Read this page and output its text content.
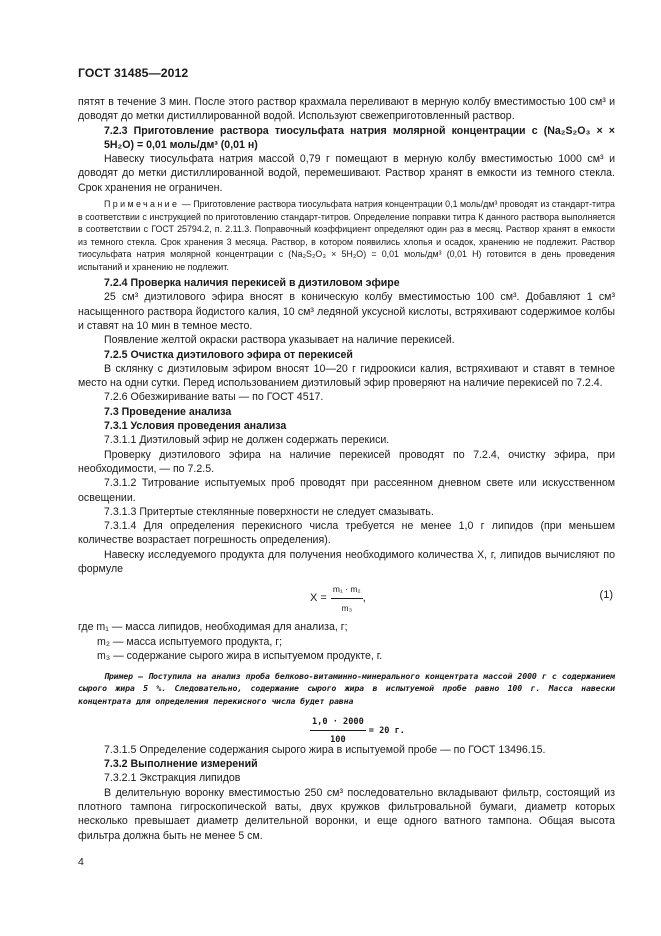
ГОСТ 31485—2012

пятят в течение 3 мин. После этого раствор крахмала переливают в мерную колбу вместимостью 100 см³ и доводят до метки дистиллированной водой. Используют свежеприготовленный раствор.

7.2.3 Приготовление раствора тиосульфата натрия молярной концентрации c (Na₂S₂O₃ × × 5H₂O) = 0,01 моль/дм³ (0,01 н)

Навеску тиосульфата натрия массой 0,79 г помещают в мерную колбу вместимостью 1000 см³ и доводят до метки дистиллированной водой, перемешивают. Раствор хранят в емкости из темного стекла. Срок хранения не ограничен.

Примечание — Приготовление раствора тиосульфата натрия концентрации 0,1 моль/дм³ проводят из стандарт-титра в соответствии с инструкцией по приготовлению стандарт-титров. Определение поправки титра К данного раствора выполняется в соответствии с ГОСТ 25794.2, п. 2.11.3. Поправочный коэффициент определяют один раз в месяц. Раствор хранят в емкости из темного стекла. Срок хранения 3 месяца. Раствор, в котором появились хлопья и осадок, хранению не подлежит. Раствор тиосульфата натрия молярной концентрации c (Na₂S₂O₃ × 5H₂O) = 0,01 моль/дм³ (0,01 Н) готовится в день проведения испытаний и хранению не подлежит.

7.2.4 Проверка наличия перекисей в диэтиловом эфире

25 см³ диэтилового эфира вносят в коническую колбу вместимостью 100 см³. Добавляют 1 см³ насыщенного раствора йодистого калия, 10 см³ ледяной уксусной кислоты, встряхивают содержимое колбы и ставят на 10 мин в темное место.

Появление желтой окраски раствора указывает на наличие перекисей.

7.2.5 Очистка диэтилового эфира от перекисей

В склянку с диэтиловым эфиром вносят 10—20 г гидроокиси калия, встряхивают и ставят в темное место на одни сутки. Перед использованием диэтиловый эфир проверяют на наличие перекисей по 7.2.4.

7.2.6 Обезжиривание ваты — по ГОСТ 4517.

7.3 Проведение анализа

7.3.1 Условия проведения анализа

7.3.1.1 Диэтиловый эфир не должен содержать перекиси.

Проверку диэтилового эфира на наличие перекисей проводят по 7.2.4, очистку эфира, при необходимости, — по 7.2.5.

7.3.1.2 Титрование испытуемых проб проводят при рассеянном дневном свете или искусственном освещении.

7.3.1.3 Притертые стеклянные поверхности не следует смазывать.

7.3.1.4 Для определения перекисного числа требуется не менее 1,0 г липидов (при меньшем количестве возрастает погрешность определения).

Навеску исследуемого продукта для получения необходимого количества X, г, липидов вычисляют по формуле

$X = \frac{\text{m₁ · m₂}}{\text{m₃}}$ ,	(1)

где m₁ — масса липидов, необходимая для анализа, г;

m₂ — масса испытуемого продукта, г;

m₃ — содержание сырого жира в испытуемом продукте, г.

Пример — Поступила на анализ проба белково-витаминно-минерального концентрата массой 2000 г с содержанием сырого жира 5 %. Следовательно, содержание сырого жира в испытуемой пробе равно 100 г. Масса навески концентрата для определения перекисного числа будет равна

$\frac{1,0 \cdot 2000}{100} = 20$ г.

7.3.1.5 Определение содержания сырого жира в испытуемой пробе — по ГОСТ 13496.15.

7.3.2 Выполнение измерений

7.3.2.1 Экстракция липидов

В делительную воронку вместимостью 250 см³ последовательно вкладывают фильтр, состоящий из плотного тампона гигроскопической ваты, двух кружков фильтровальной бумаги, диаметр которых несколько превышает диаметр делительной воронки, и еще одного ватного тампона. Общая высота фильтра должна быть не менее 5 см.

4
